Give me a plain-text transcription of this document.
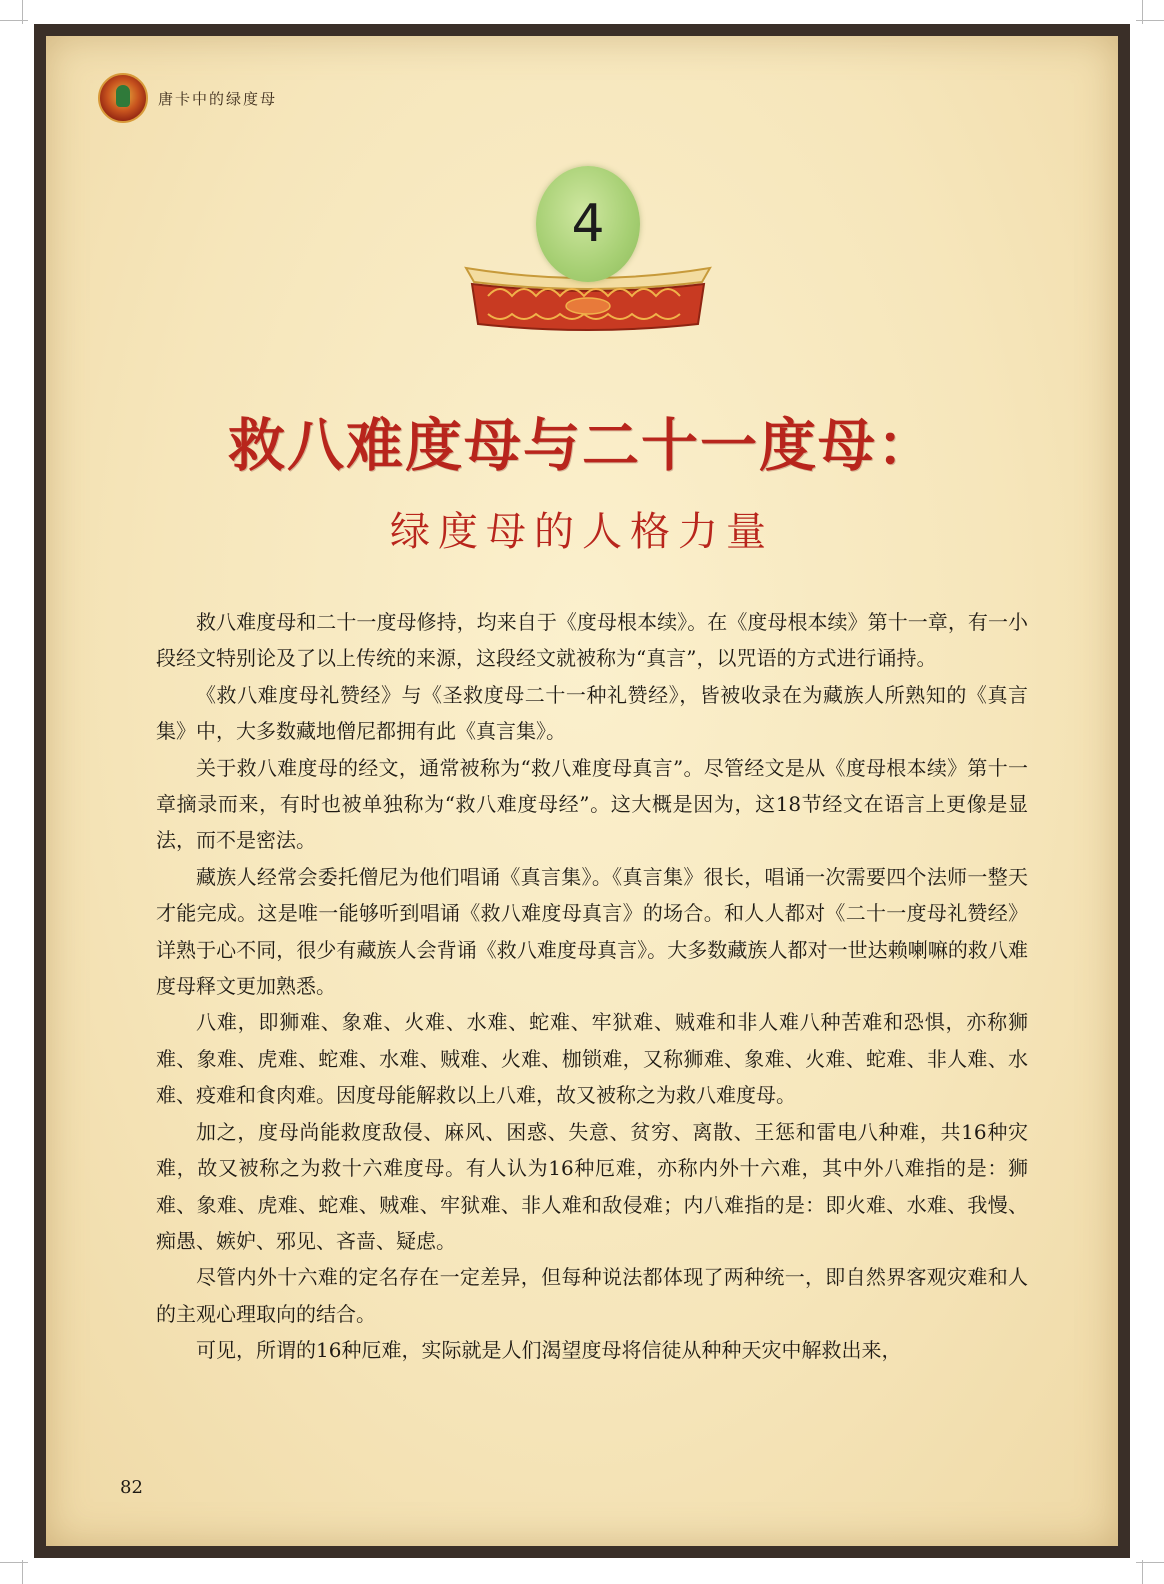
唐卡中的绿度母
4
救八难度母与二十一度母：
绿度母的人格力量

救八难度母和二十一度母修持，均来自于《度母根本续》。在《度母根本续》第十一章，有一小段经文特别论及了以上传统的来源，这段经文就被称为“真言”，以咒语的方式进行诵持。

《救八难度母礼赞经》与《圣救度母二十一种礼赞经》，皆被收录在为藏族人所熟知的《真言集》中，大多数藏地僧尼都拥有此《真言集》。

关于救八难度母的经文，通常被称为“救八难度母真言”。尽管经文是从《度母根本续》第十一章摘录而来，有时也被单独称为“救八难度母经”。这大概是因为，这18节经文在语言上更像是显法，而不是密法。

藏族人经常会委托僧尼为他们唱诵《真言集》。《真言集》很长，唱诵一次需要四个法师一整天才能完成。这是唯一能够听到唱诵《救八难度母真言》的场合。和人人都对《二十一度母礼赞经》详熟于心不同，很少有藏族人会背诵《救八难度母真言》。大多数藏族人都对一世达赖喇嘛的救八难度母释文更加熟悉。

八难，即狮难、象难、火难、水难、蛇难、牢狱难、贼难和非人难八种苦难和恐惧，亦称狮难、象难、虎难、蛇难、水难、贼难、火难、枷锁难，又称狮难、象难、火难、蛇难、非人难、水难、疫难和食肉难。因度母能解救以上八难，故又被称之为救八难度母。

加之，度母尚能救度敌侵、麻风、困惑、失意、贫穷、离散、王惩和雷电八种难，共16种灾难，故又被称之为救十六难度母。有人认为16种厄难，亦称内外十六难，其中外八难指的是：狮难、象难、虎难、蛇难、贼难、牢狱难、非人难和敌侵难；内八难指的是：即火难、水难、我慢、痴愚、嫉妒、邪见、吝啬、疑虑。

尽管内外十六难的定名存在一定差异，但每种说法都体现了两种统一，即自然界客观灾难和人的主观心理取向的结合。

可见，所谓的16种厄难，实际就是人们渴望度母将信徒从种种天灾中解救出来，

82
